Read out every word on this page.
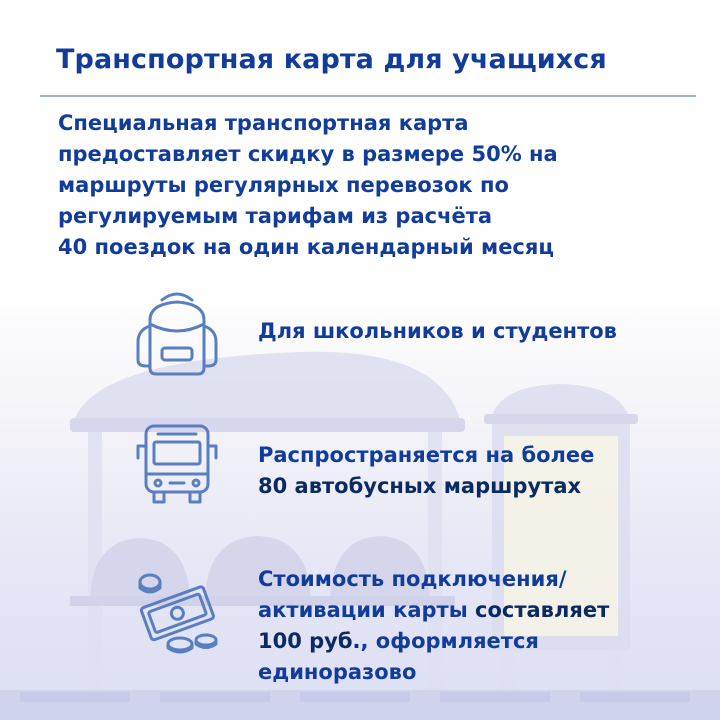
Транспортная карта для учащихся
Специальная транспортная карта
предоставляет скидку в размере 50% на
маршруты регулярных перевозок по
регулируемым тарифам из расчёта
40 поездок на один календарный месяц
Для школьников и студентов
Распространяется на более
80 автобусных маршрутах
Стоимость подключения/
активации карты составляет
100 руб., оформляется
единоразово
